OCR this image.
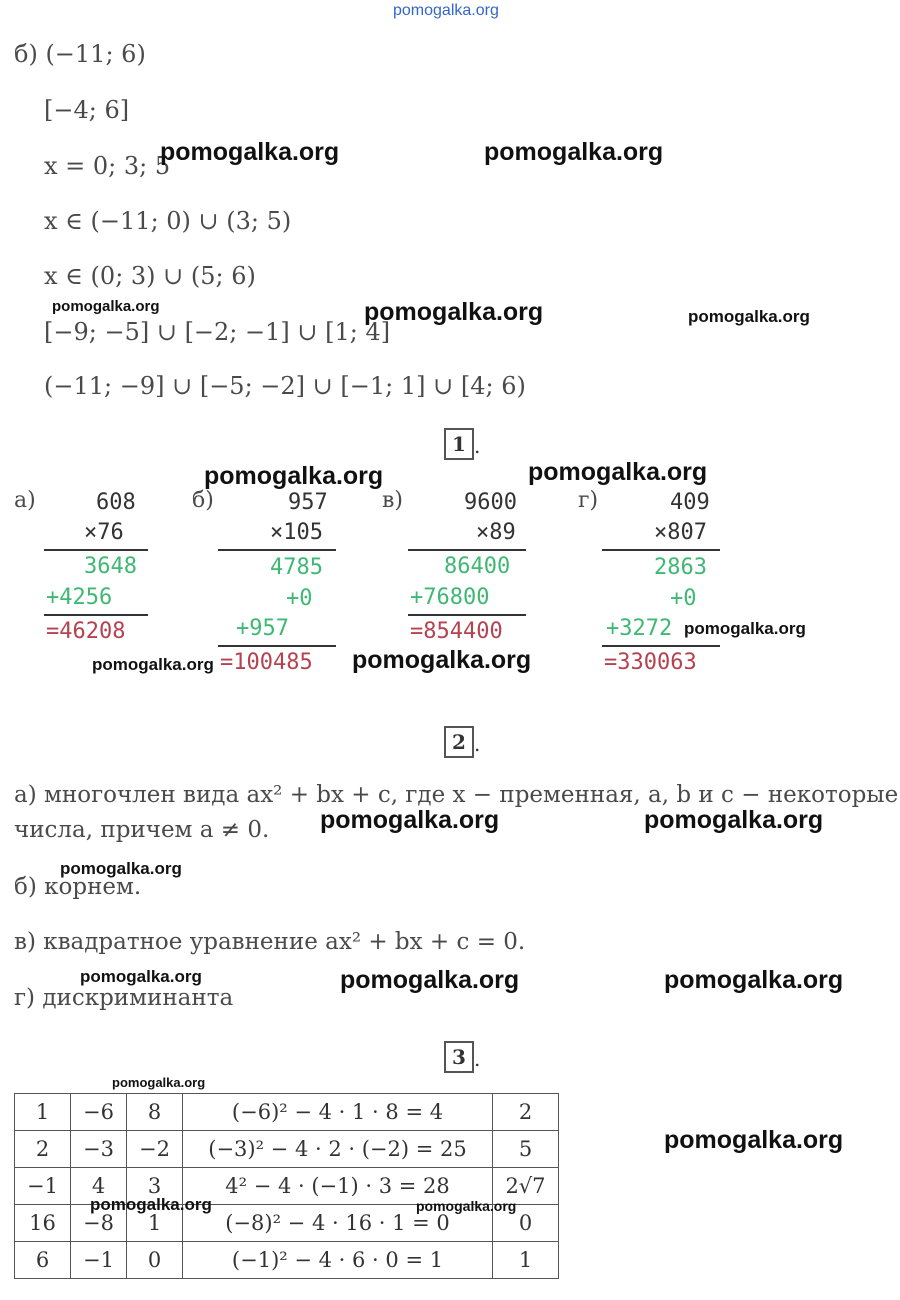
pomogalka.org
б) (−11; 6)
[−4; 6]
x = 0; 3; 5
x ∈ (−11; 0) ∪ (3; 5)
x ∈ (0; 3) ∪ (5; 6)
[−9; −5] ∪ [−2; −1] ∪ [1; 4]
(−11; −9] ∪ [−5; −2] ∪ [−1; 1] ∪ [4; 6)
1 .
а)	608
×76
3648
+4256
=46208
б)	957
×105
4785
+0
+957
=100485
в)	9600
×89
86400
+76800
=854400
г)	409
×807
2863
+0
+3272
=330063
2 .
а) многочлен вида ax² + bx + c, где x − пременная, a, b и c − некоторые
числа, причем a ≠ 0.
б) корнем.
в) квадратное уравнение ax² + bx + c = 0.
г) дискриминанта
3 .
1	−6	8	(−6)² − 4 · 1 · 8 = 4	2
2	−3	−2	(−3)² − 4 · 2 · (−2) = 25	5
−1	4	3	4² − 4 · (−1) · 3 = 28	2√7
16	−8	1	(−8)² − 4 · 16 · 1 = 0	0
6	−1	0	(−1)² − 4 · 6 · 0 = 1	1
pomogalka.org	pomogalka.org
pomogalka.org	pomogalka.org	pomogalka.org
pomogalka.org	pomogalka.org
pomogalka.org
pomogalka.org	pomogalka.org
pomogalka.org	pomogalka.org
pomogalka.org
pomogalka.org	pomogalka.org	pomogalka.org
pomogalka.org
pomogalka.org
pomogalka.org	pomogalka.org
